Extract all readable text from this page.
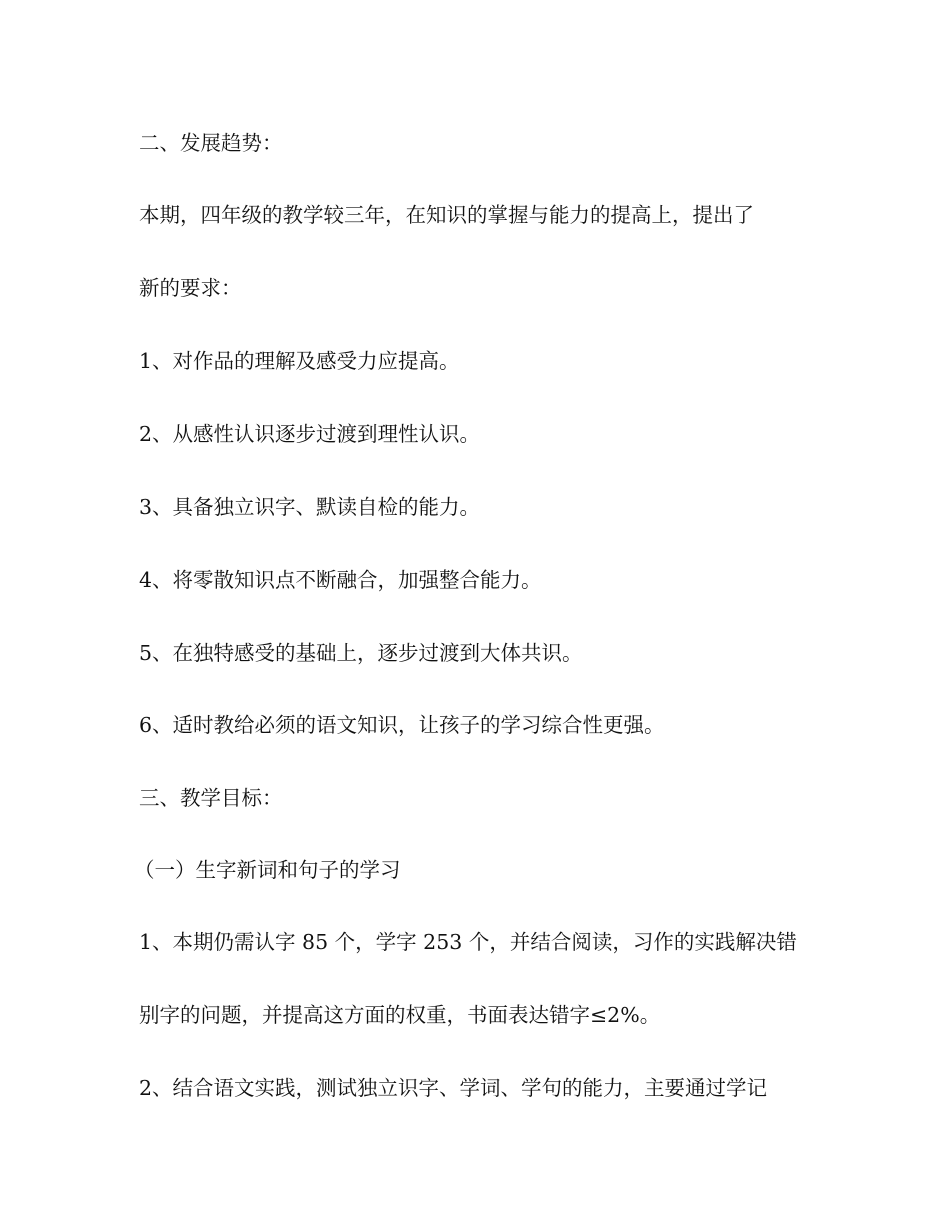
二、发展趋势：

本期，四年级的教学较三年，在知识的掌握与能力的提高上，提出了

新的要求：

1、对作品的理解及感受力应提高。

2、从感性认识逐步过渡到理性认识。

3、具备独立识字、默读自检的能力。

4、将零散知识点不断融合，加强整合能力。

5、在独特感受的基础上，逐步过渡到大体共识。

6、适时教给必须的语文知识，让孩子的学习综合性更强。

三、教学目标：

（一）生字新词和句子的学习

1、本期仍需认字 85 个，学字 253 个，并结合阅读，习作的实践解决错

别字的问题，并提高这方面的权重，书面表达错字≤2%。

2、结合语文实践，测试独立识字、学词、学句的能力，主要通过学记
